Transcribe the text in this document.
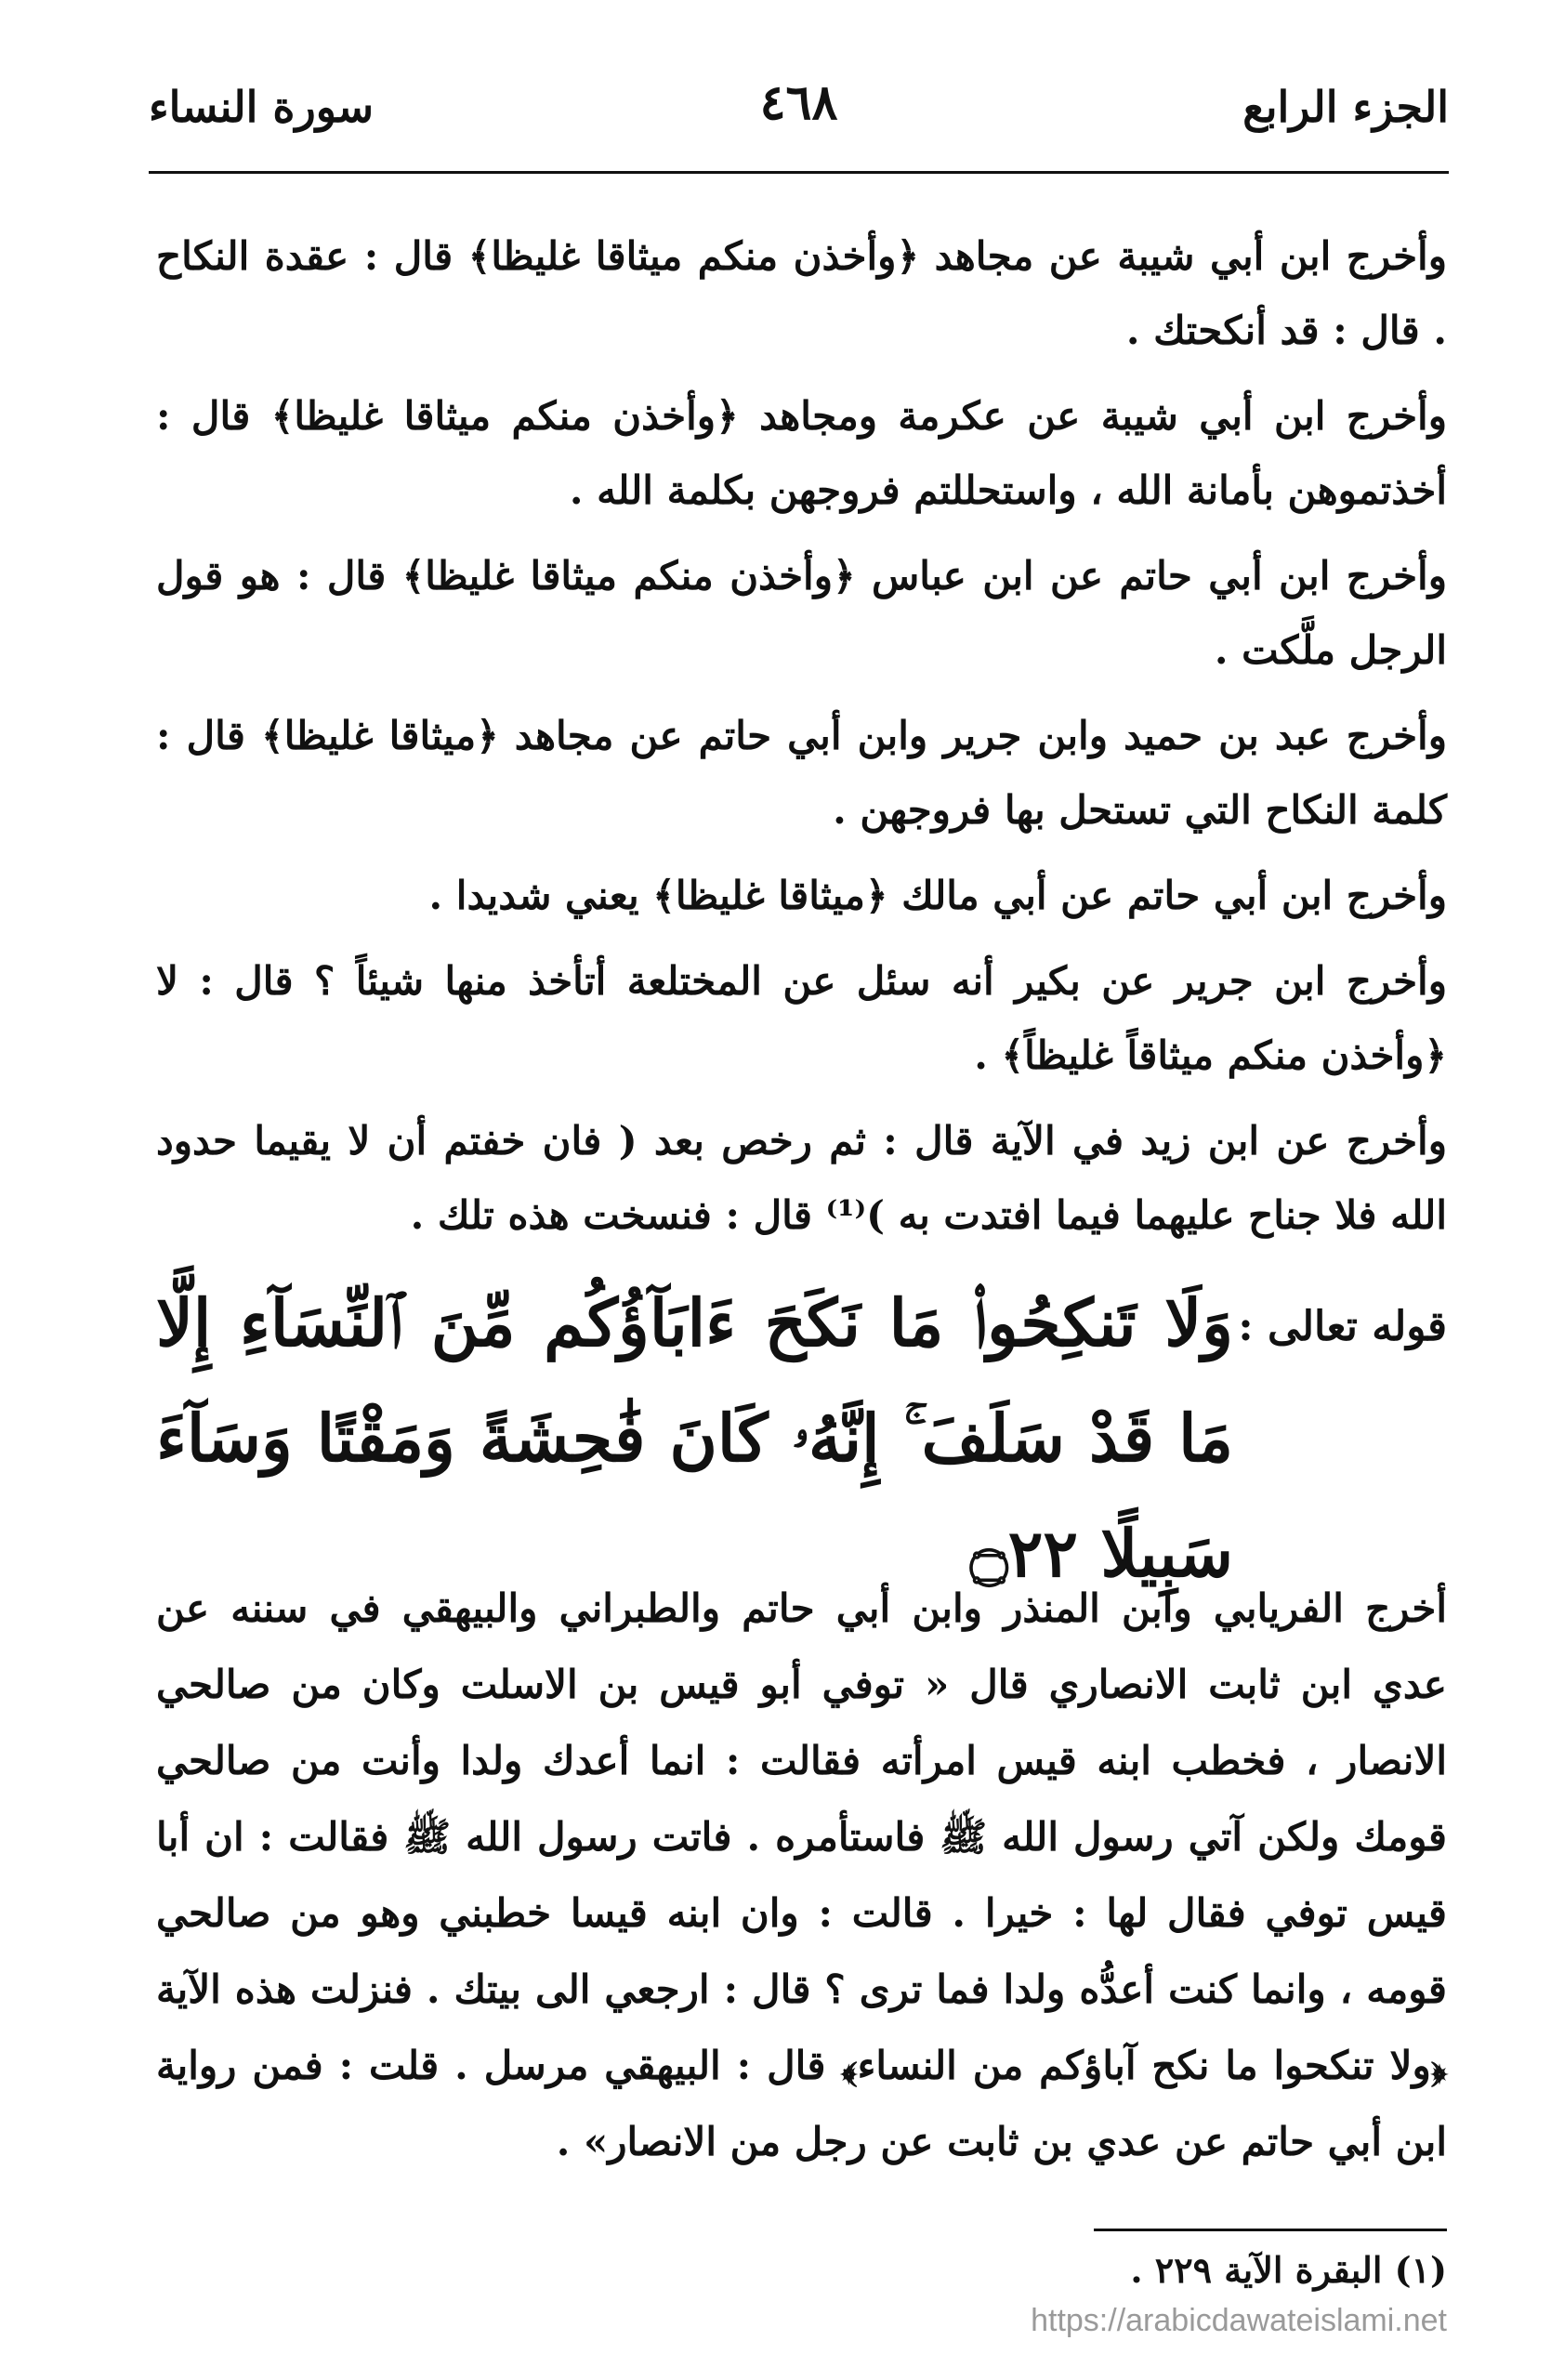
الجزء الرابع
٤٦٨
سورة النساء

وأخرج ابن أبي شيبة عن مجاهد ﴿وأخذن منكم ميثاقا غليظا﴾ قال : عقدة النكاح . قال : قد أنكحتك .

وأخرج ابن أبي شيبة عن عكرمة ومجاهد ﴿وأخذن منكم ميثاقا غليظا﴾ قال : أخذتموهن بأمانة الله ، واستحللتم فروجهن بكلمة الله .

وأخرج ابن أبي حاتم عن ابن عباس ﴿وأخذن منكم ميثاقا غليظا﴾ قال : هو قول الرجل ملَّكت .

وأخرج عبد بن حميد وابن جرير وابن أبي حاتم عن مجاهد ﴿ميثاقا غليظا﴾ قال : كلمة النكاح التي تستحل بها فروجهن .

وأخرج ابن أبي حاتم عن أبي مالك ﴿ميثاقا غليظا﴾ يعني شديدا .

وأخرج ابن جرير عن بكير أنه سئل عن المختلعة أتأخذ منها شيئاً ؟ قال : لا ﴿وأخذن منكم ميثاقاً غليظاً﴾ .

وأخرج عن ابن زيد في الآية قال : ثم رخص بعد ( فان خفتم أن لا يقيما حدود الله فلا جناح عليهما فيما افتدت به )⁽¹⁾ قال : فنسخت هذه تلك .

قوله تعالى :
وَلَا تَنكِحُوا۟ مَا نَكَحَ ءَابَآؤُكُم مِّنَ ٱلنِّسَآءِ إِلَّا مَا قَدْ سَلَفَ ۚ إِنَّهُۥ كَانَ فَٰحِشَةً وَمَقْتًا وَسَآءَ سَبِيلًا ۝٢٢
أخرج الفريابي وابن المنذر وابن أبي حاتم والطبراني والبيهقي في سننه عن عدي ابن ثابت الانصاري قال « توفي أبو قيس بن الاسلت وكان من صالحي الانصار ، فخطب ابنه قيس امرأته فقالت : انما أعدك ولدا وأنت من صالحي قومك ولكن آتي رسول الله ﷺ فاستأمره . فاتت رسول الله ﷺ فقالت : ان أبا قيس توفي فقال لها : خيرا . قالت : وان ابنه قيسا خطبني وهو من صالحي قومه ، وانما كنت أعدُّه ولدا فما ترى ؟ قال : ارجعي الى بيتك . فنزلت هذه الآية ﴿ولا تنكحوا ما نكح آباؤكم من النساء﴾ قال : البيهقي مرسل . قلت : فمن رواية ابن أبي حاتم عن عدي بن ثابت عن رجل من الانصار» .
(١) البقرة الآية ٢٢٩ .
https://arabicdawateislami.net
